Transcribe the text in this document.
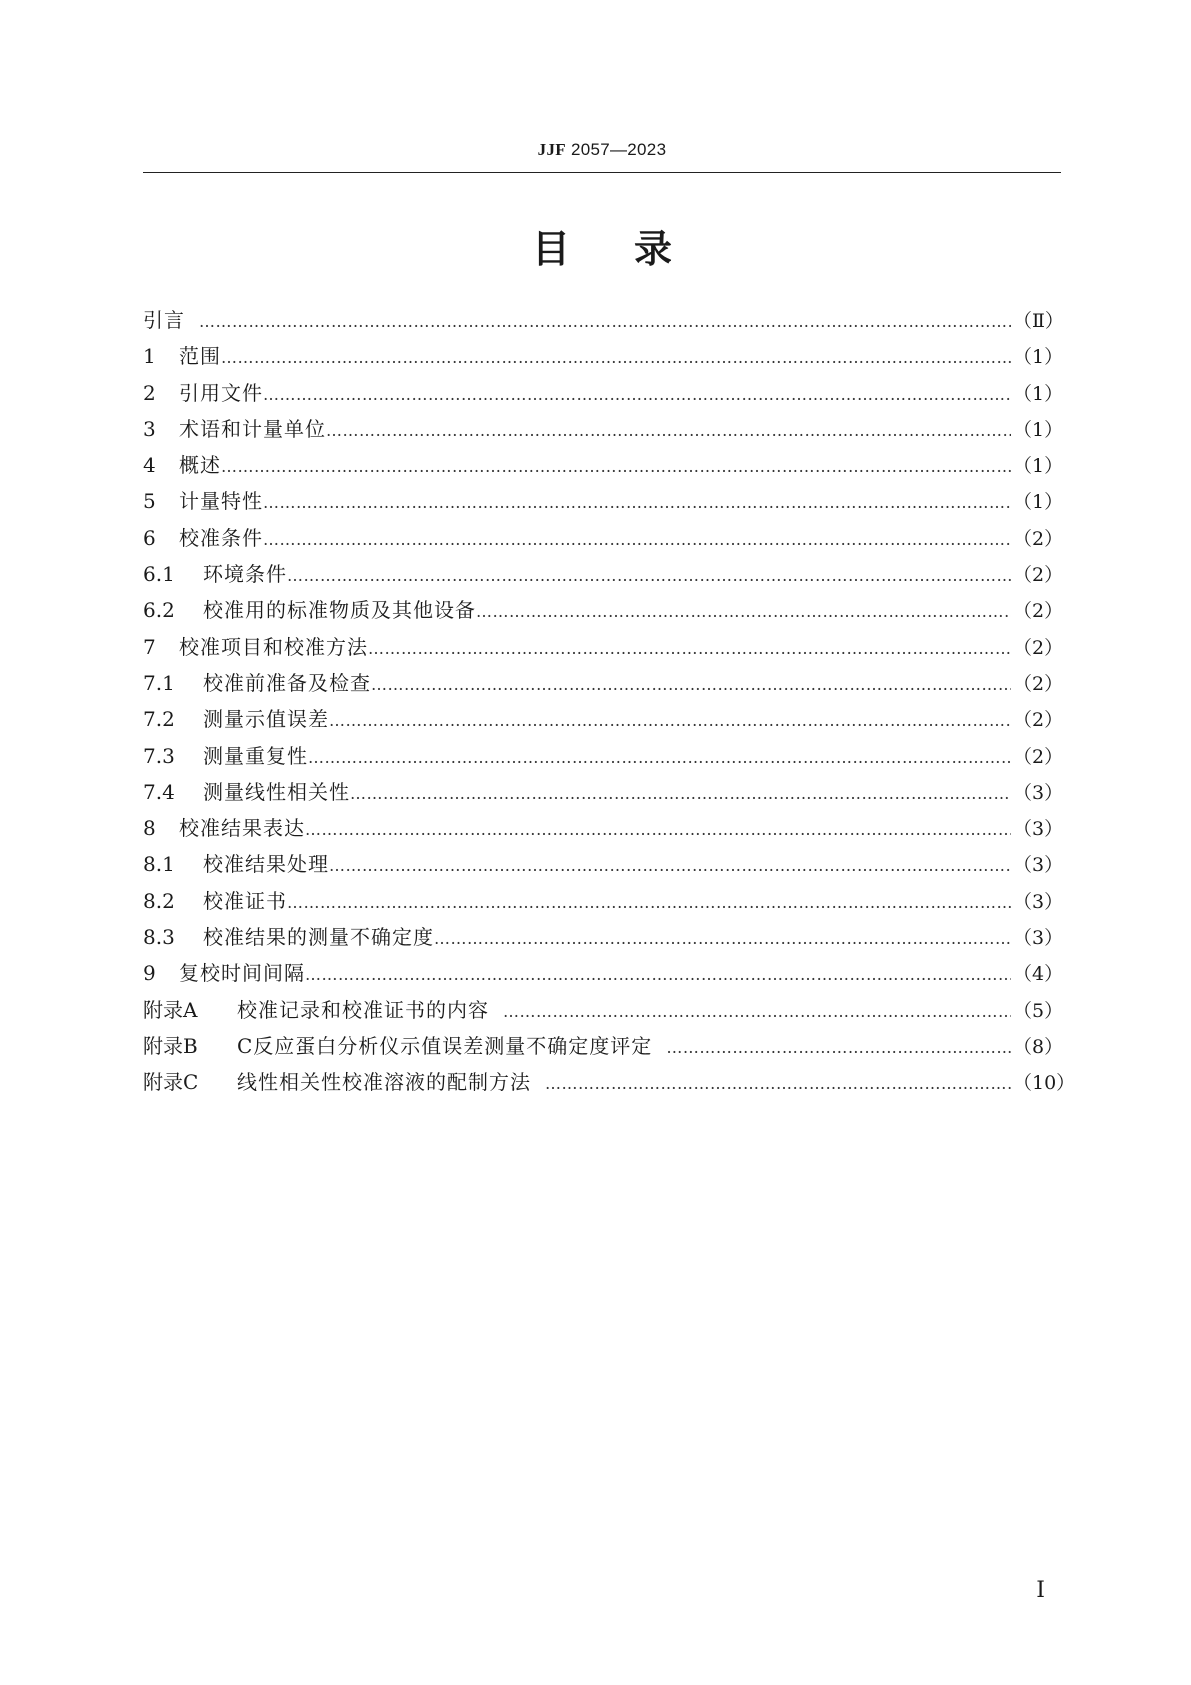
JJF 2057—2023
目录
引言 …………………………………………………………………………………………………………………………………………	（Ⅱ）
1	范围 …………………………………………………………………………………………………………………………………………	（1）
2	引用文件 …………………………………………………………………………………………………………………………………………	（1）
3	术语和计量单位 …………………………………………………………………………………………………………………………………………	（1）
4	概述 …………………………………………………………………………………………………………………………………………	（1）
5	计量特性 …………………………………………………………………………………………………………………………………………	（1）
6	校准条件 …………………………………………………………………………………………………………………………………………	（2）
6.1	环境条件 …………………………………………………………………………………………………………………………………………	（2）
6.2	校准用的标准物质及其他设备 …………………………………………………………………………………………………………………………………………	（2）
7	校准项目和校准方法 …………………………………………………………………………………………………………………………………………	（2）
7.1	校准前准备及检查 …………………………………………………………………………………………………………………………………………	（2）
7.2	测量示值误差 …………………………………………………………………………………………………………………………………………	（2）
7.3	测量重复性 …………………………………………………………………………………………………………………………………………	（2）
7.4	测量线性相关性 …………………………………………………………………………………………………………………………………………	（3）
8	校准结果表达 …………………………………………………………………………………………………………………………………………	（3）
8.1	校准结果处理 …………………………………………………………………………………………………………………………………………	（3）
8.2	校准证书 …………………………………………………………………………………………………………………………………………	（3）
8.3	校准结果的测量不确定度 …………………………………………………………………………………………………………………………………………	（3）
9	复校时间间隔 …………………………………………………………………………………………………………………………………………	（4）
附录A	校准记录和校准证书的内容 …………………………………………………………………………………………………………………………………………	（5）
附录B	C反应蛋白分析仪示值误差测量不确定度评定 …………………………………………………………………………………………………………………………………………	（8）
附录C	线性相关性校准溶液的配制方法 …………………………………………………………………………………………………………………………………………	（10）
Ⅰ
